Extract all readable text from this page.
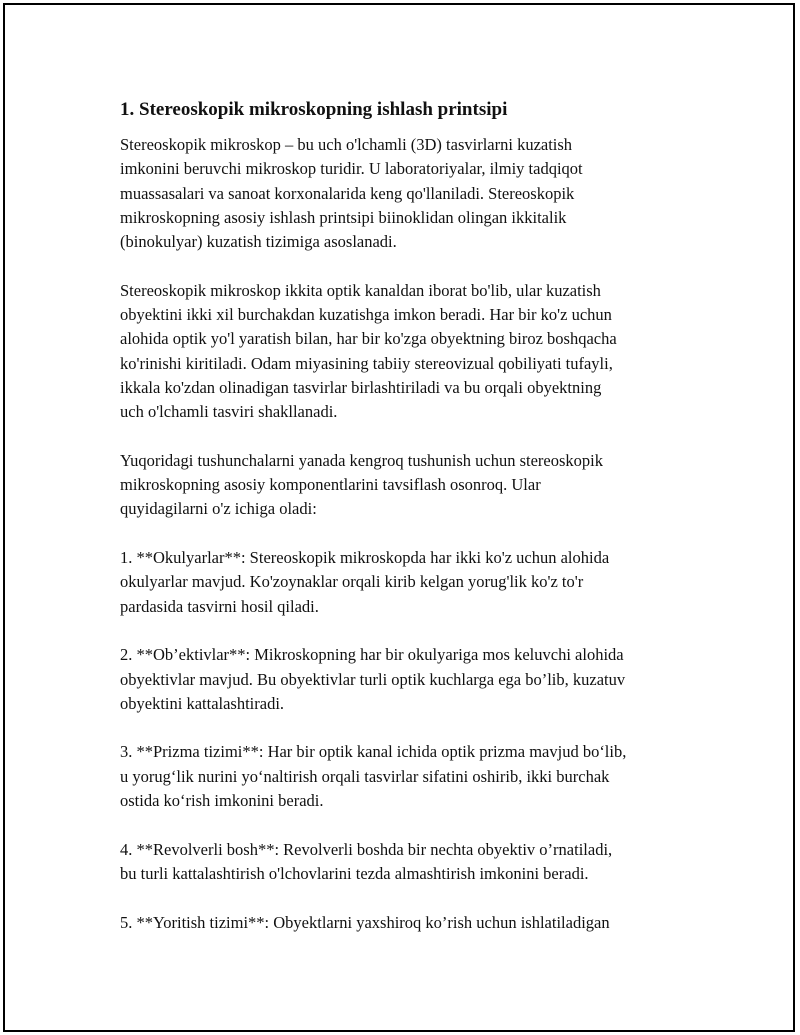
1. Stereoskopik mikroskopning ishlash printsipi

Stereoskopik mikroskop – bu uch o'lchamli (3D) tasvirlarni kuzatish
imkonini beruvchi mikroskop turidir. U laboratoriyalar, ilmiy tadqiqot
muassasalari va sanoat korxonalarida keng qo'llaniladi. Stereoskopik
mikroskopning asosiy ishlash printsipi biinoklidan olingan ikkitalik
(binokulyar) kuzatish tizimiga asoslanadi.

Stereoskopik mikroskop ikkita optik kanaldan iborat bo'lib, ular kuzatish
obyektini ikki xil burchakdan kuzatishga imkon beradi. Har bir ko'z uchun
alohida optik yo'l yaratish bilan, har bir ko'zga obyektning biroz boshqacha
ko'rinishi kiritiladi. Odam miyasining tabiiy stereovizual qobiliyati tufayli,
ikkala ko'zdan olinadigan tasvirlar birlashtiriladi va bu orqali obyektning
uch o'lchamli tasviri shakllanadi.

Yuqoridagi tushunchalarni yanada kengroq tushunish uchun stereoskopik
mikroskopning asosiy komponentlarini tavsiflash osonroq. Ular
quyidagilarni o'z ichiga oladi:

1. **Okulyarlar**: Stereoskopik mikroskopda har ikki ko'z uchun alohida
okulyarlar mavjud. Ko'zoynaklar orqali kirib kelgan yorug'lik ko'z to'r
pardasida tasvirni hosil qiladi.

2. **Ob’ektivlar**: Mikroskopning har bir okulyariga mos keluvchi alohida
obyektivlar mavjud. Bu obyektivlar turli optik kuchlarga ega bo’lib, kuzatuv
obyektini kattalashtiradi.

3. **Prizma tizimi**: Har bir optik kanal ichida optik prizma mavjud bo‘lib,
u yorug‘lik nurini yo‘naltirish orqali tasvirlar sifatini oshirib, ikki burchak
ostida ko‘rish imkonini beradi.

4. **Revolverli bosh**: Revolverli boshda bir nechta obyektiv o’rnatiladi,
bu turli kattalashtirish o'lchovlarini tezda almashtirish imkonini beradi.

5. **Yoritish tizimi**: Obyektlarni yaxshiroq ko’rish uchun ishlatiladigan
